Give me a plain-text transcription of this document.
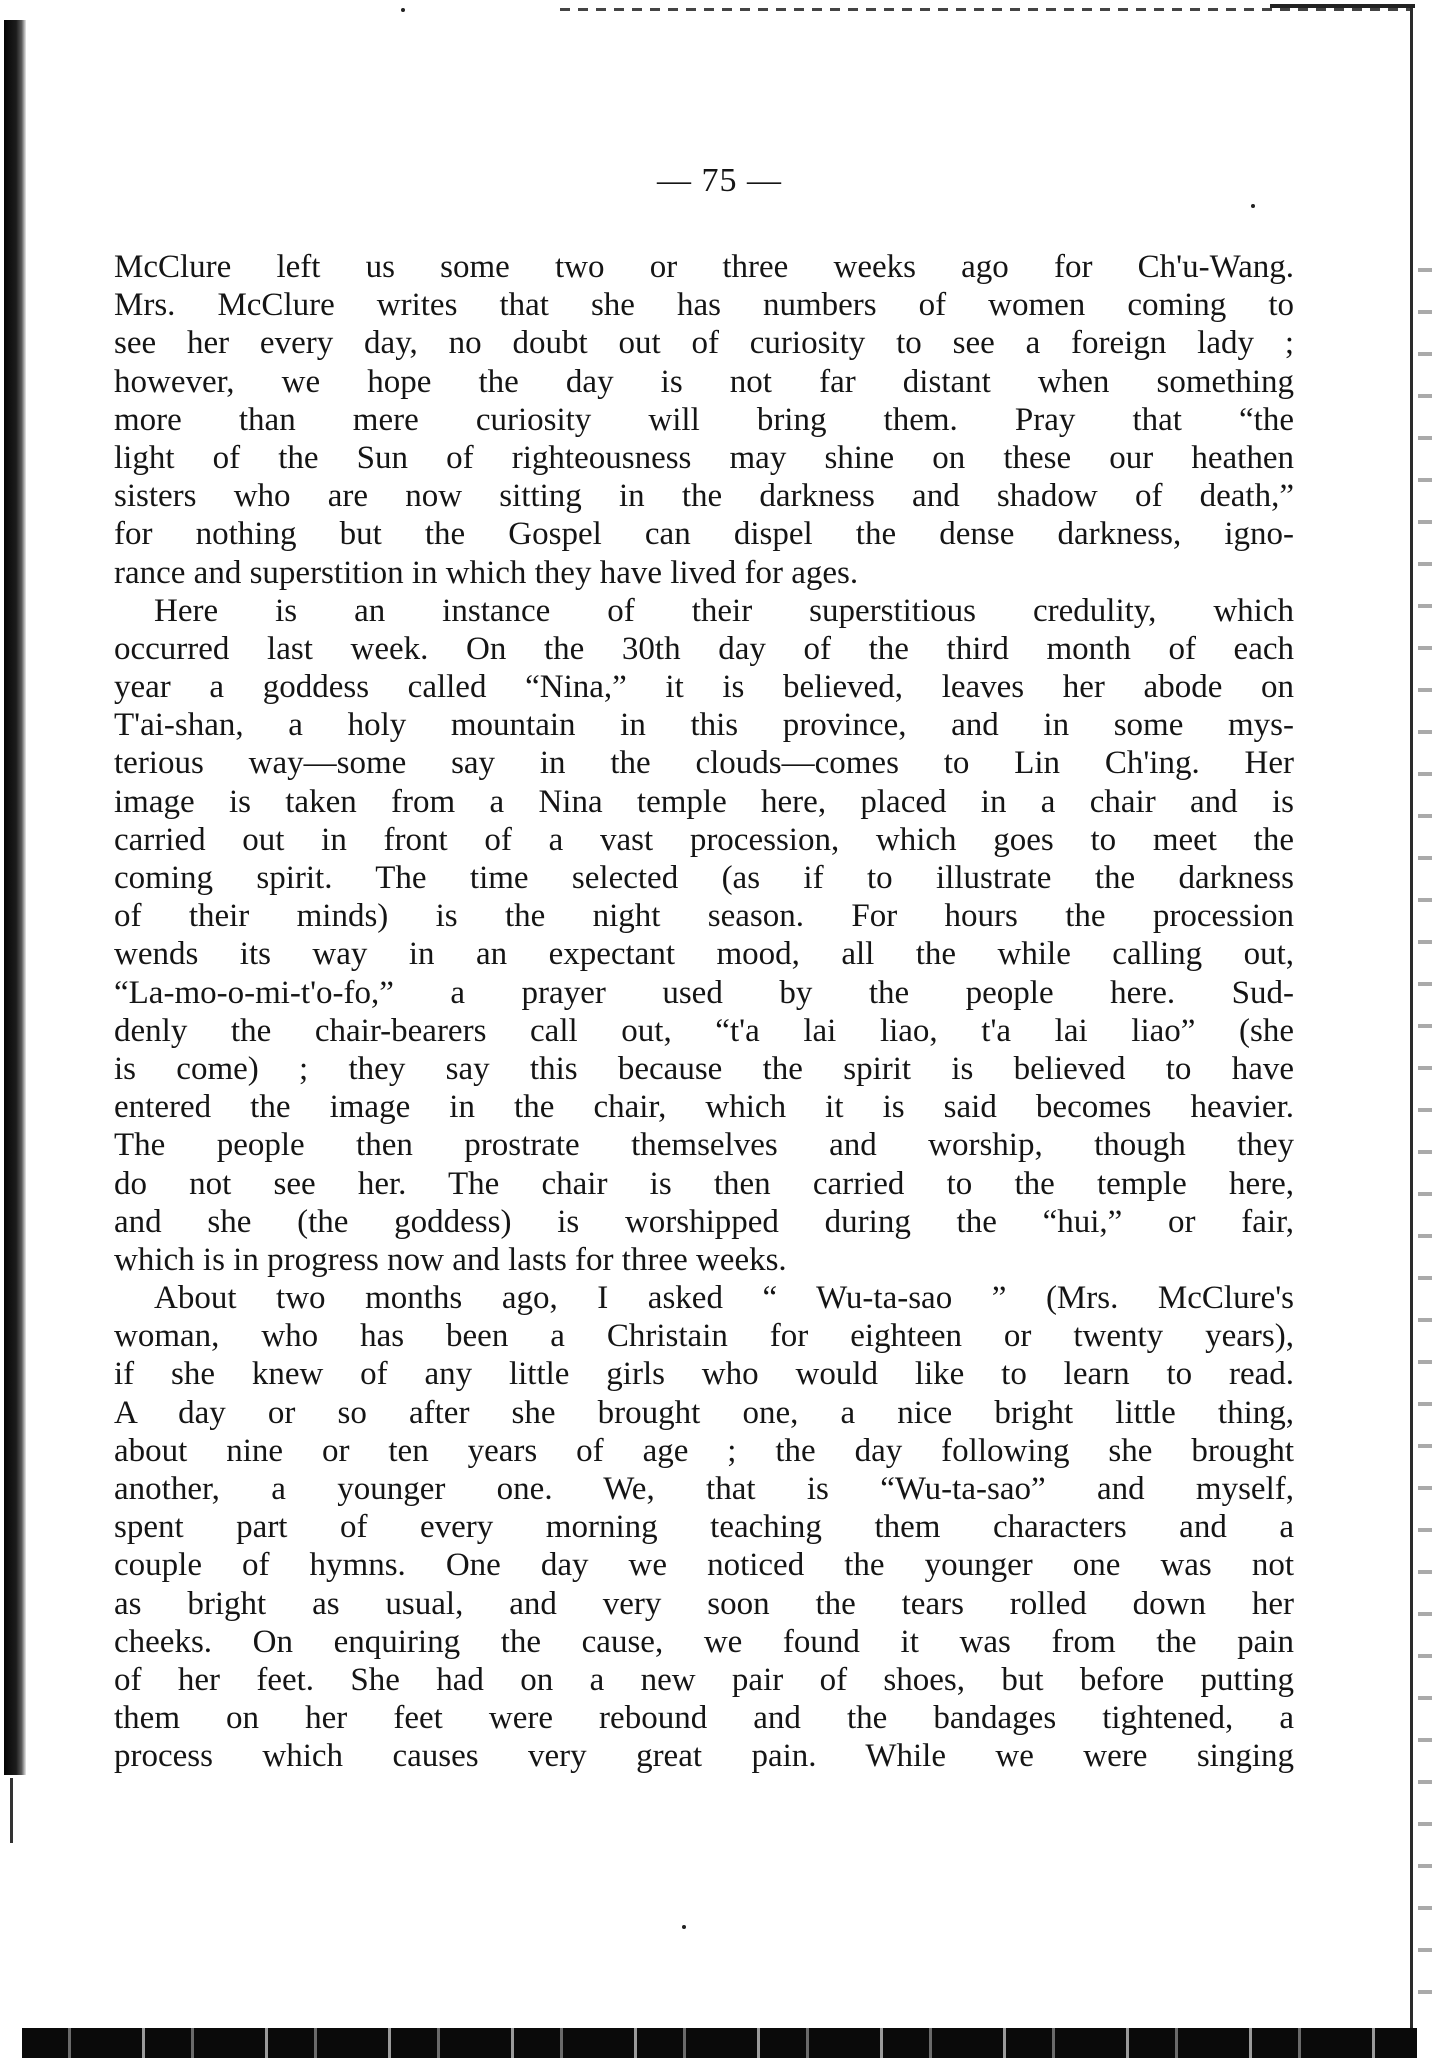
— 75 —
McClure left us some two or three weeks ago for Ch'u-Wang.
Mrs. McClure writes that she has numbers of women coming to
see her every day, no doubt out of curiosity to see a foreign lady ;
however, we hope the day is not far distant when something
more than mere curiosity will bring them. Pray that “the
light of the Sun of righteousness may shine on these our heathen
sisters who are now sitting in the darkness and shadow of death,”
for nothing but the Gospel can dispel the dense darkness, igno-
rance and superstition in which they have lived for ages.
Here is an instance of their superstitious credulity, which
occurred last week. On the 30th day of the third month of each
year a goddess called “Nina,” it is believed, leaves her abode on
T'ai-shan, a holy mountain in this province, and in some mys-
terious way—some say in the clouds—comes to Lin Ch'ing. Her
image is taken from a Nina temple here, placed in a chair and is
carried out in front of a vast procession, which goes to meet the
coming spirit. The time selected (as if to illustrate the darkness
of their minds) is the night season. For hours the procession
wends its way in an expectant mood, all the while calling out,
“La-mo-o-mi-t'o-fo,” a prayer used by the people here. Sud-
denly the chair-bearers call out, “t'a lai liao, t'a lai liao” (she
is come) ; they say this because the spirit is believed to have
entered the image in the chair, which it is said becomes heavier.
The people then prostrate themselves and worship, though they
do not see her. The chair is then carried to the temple here,
and she (the goddess) is worshipped during the “hui,” or fair,
which is in progress now and lasts for three weeks.
About two months ago, I asked “ Wu-ta-sao ” (Mrs. McClure's
woman, who has been a Christain for eighteen or twenty years),
if she knew of any little girls who would like to learn to read.
A day or so after she brought one, a nice bright little thing,
about nine or ten years of age ; the day following she brought
another, a younger one. We, that is “Wu-ta-sao” and myself,
spent part of every morning teaching them characters and a
couple of hymns. One day we noticed the younger one was not
as bright as usual, and very soon the tears rolled down her
cheeks. On enquiring the cause, we found it was from the pain
of her feet. She had on a new pair of shoes, but before putting
them on her feet were rebound and the bandages tightened, a
process which causes very great pain. While we were singing
